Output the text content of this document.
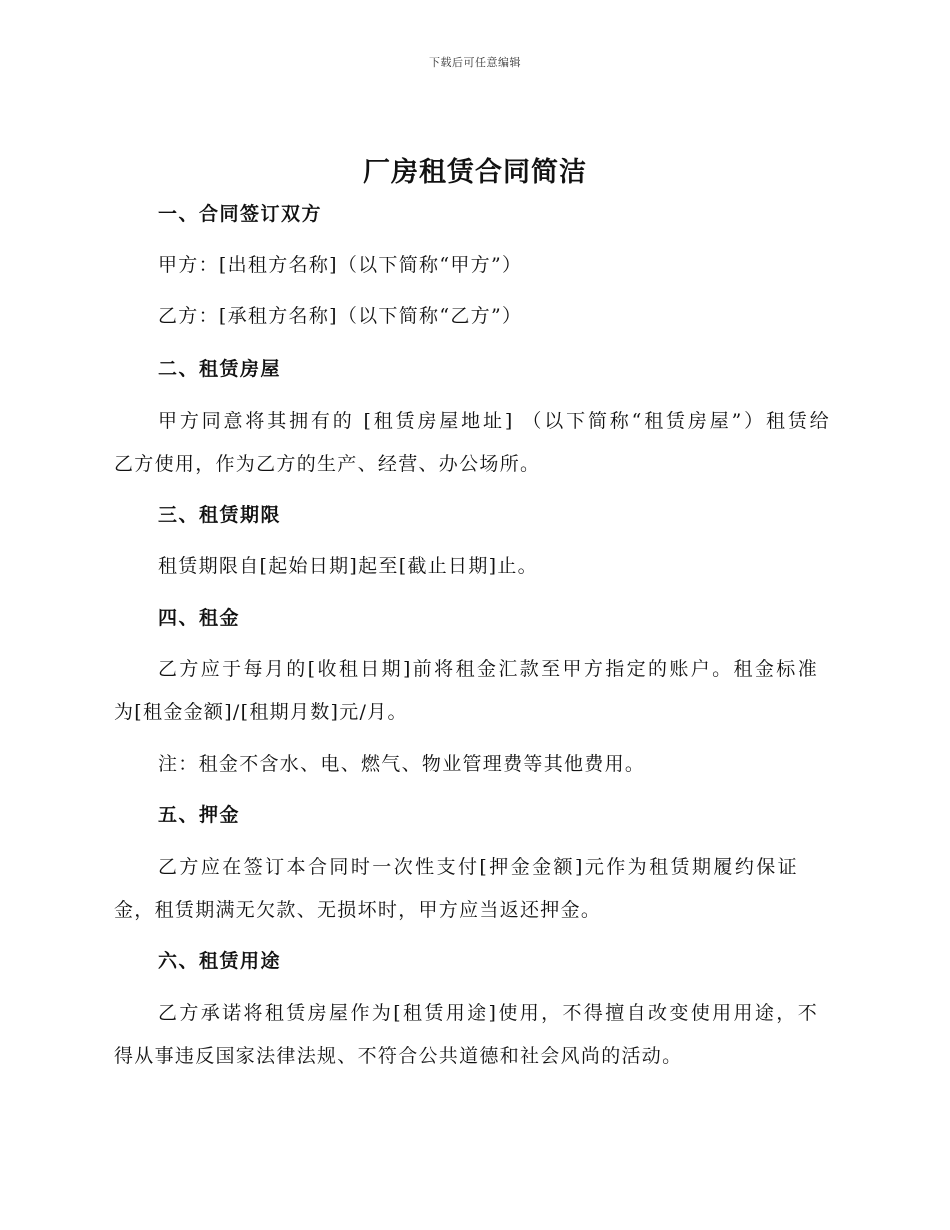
下载后可任意编辑
厂房租赁合同简洁
一、合同签订双方
甲方：[出租方名称]（以下简称“甲方”）
乙方：[承租方名称]（以下简称“乙方”）
二、租赁房屋
甲方同意将其拥有的 [租赁房屋地址] （以下简称“租赁房屋”）租赁给
乙方使用，作为乙方的生产、经营、办公场所。
三、租赁期限
租赁期限自[起始日期]起至[截止日期]止。
四、租金
乙方应于每月的[收租日期]前将租金汇款至甲方指定的账户。租金标准
为[租金金额]/[租期月数]元/月。
注：租金不含水、电、燃气、物业管理费等其他费用。
五、押金
乙方应在签订本合同时一次性支付[押金金额]元作为租赁期履约保证
金，租赁期满无欠款、无损坏时，甲方应当返还押金。
六、租赁用途
乙方承诺将租赁房屋作为[租赁用途]使用，不得擅自改变使用用途，不
得从事违反国家法律法规、不符合公共道德和社会风尚的活动。
